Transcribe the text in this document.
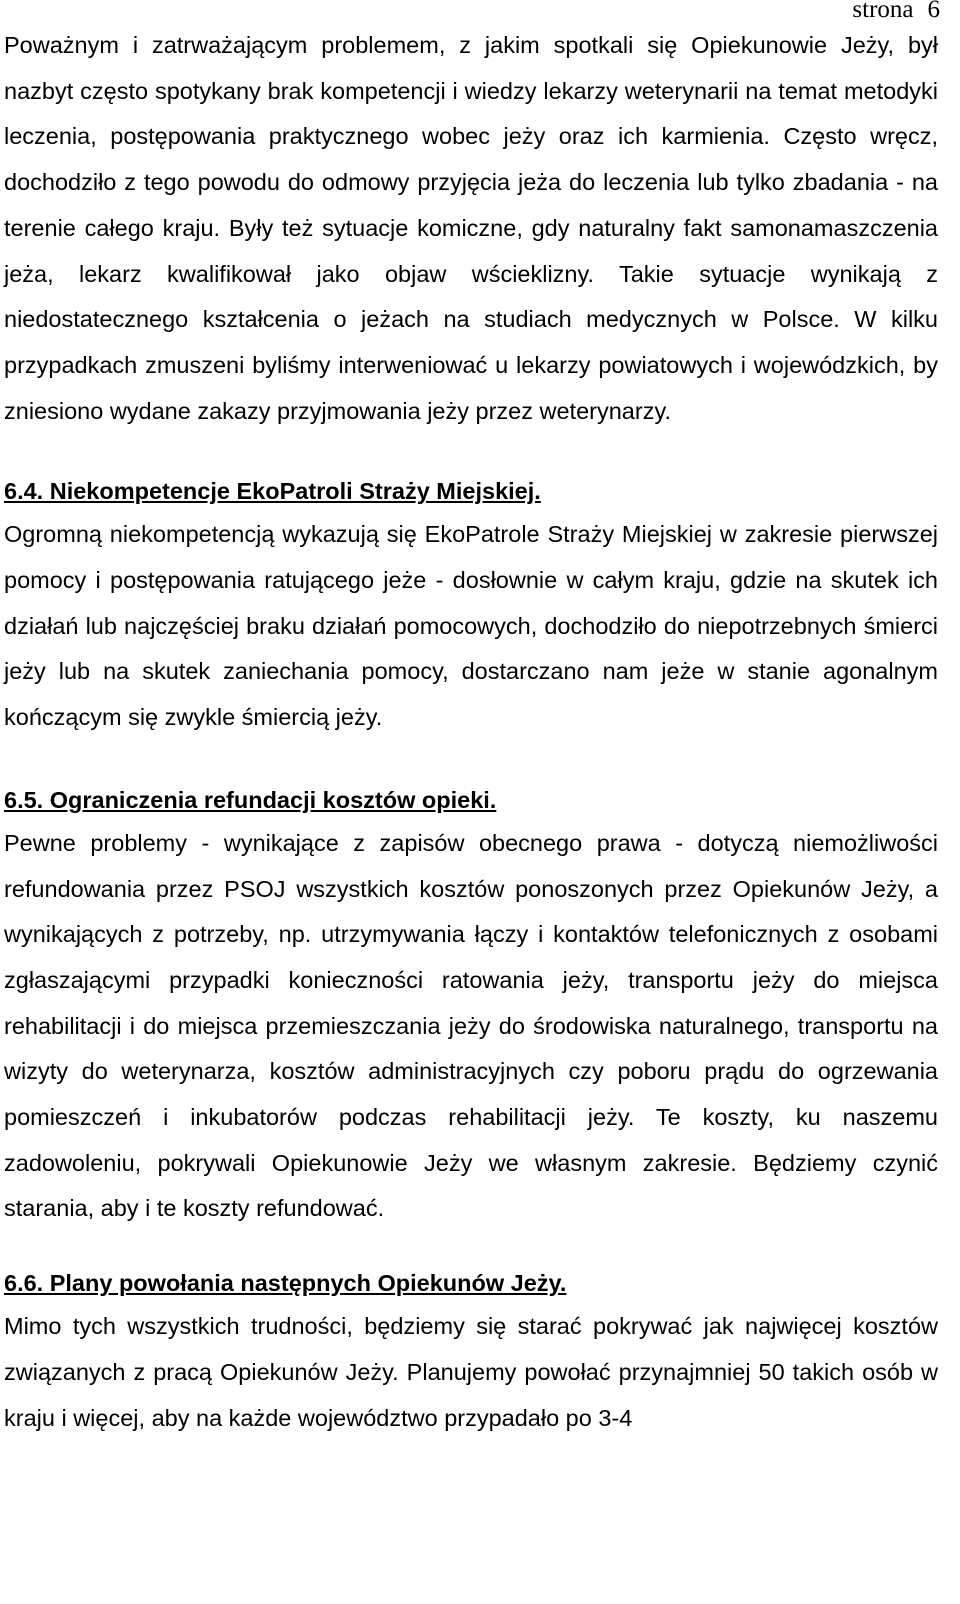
strona 6

Poważnym i zatrważającym problemem, z jakim spotkali się Opiekunowie Jeży, był nazbyt często spotykany brak kompetencji i wiedzy lekarzy weterynarii na temat metodyki leczenia, postępowania praktycznego wobec jeży oraz ich karmienia. Często wręcz, dochodziło z tego powodu do odmowy przyjęcia jeża do leczenia lub tylko zbadania - na terenie całego kraju. Były też sytuacje komiczne, gdy naturalny fakt samonamaszczenia jeża, lekarz kwalifikował jako objaw wścieklizny. Takie sytuacje wynikają z niedostatecznego kształcenia o jeżach na studiach medycznych w Polsce. W kilku przypadkach zmuszeni byliśmy interweniować u lekarzy powiatowych i wojewódzkich, by zniesiono wydane zakazy przyjmowania jeży przez weterynarzy.

6.4. Niekompetencje EkoPatroli Straży Miejskiej.

Ogromną niekompetencją wykazują się EkoPatrole Straży Miejskiej w zakresie pierwszej pomocy i postępowania ratującego jeże - dosłownie w całym kraju, gdzie na skutek ich działań lub najczęściej braku działań pomocowych, dochodziło do niepotrzebnych śmierci jeży lub na skutek zaniechania pomocy, dostarczano nam jeże w stanie agonalnym kończącym się zwykle śmiercią jeży.

6.5. Ograniczenia refundacji kosztów opieki.

Pewne problemy - wynikające z zapisów obecnego prawa - dotyczą niemożliwości refundowania przez PSOJ wszystkich kosztów ponoszonych przez Opiekunów Jeży, a wynikających z potrzeby, np. utrzymywania łączy i kontaktów telefonicznych z osobami zgłaszającymi przypadki konieczności ratowania jeży, transportu jeży do miejsca rehabilitacji i do miejsca przemieszczania jeży do środowiska naturalnego, transportu na wizyty do weterynarza, kosztów administracyjnych czy poboru prądu do ogrzewania pomieszczeń i inkubatorów podczas rehabilitacji jeży. Te koszty, ku naszemu zadowoleniu, pokrywali Opiekunowie Jeży we własnym zakresie. Będziemy czynić starania, aby i te koszty refundować.

6.6. Plany powołania następnych Opiekunów Jeży.

Mimo tych wszystkich trudności, będziemy się starać pokrywać jak najwięcej kosztów związanych z pracą Opiekunów Jeży. Planujemy powołać przynajmniej 50 takich osób w kraju i więcej, aby na każde województwo przypadało po 3-4
